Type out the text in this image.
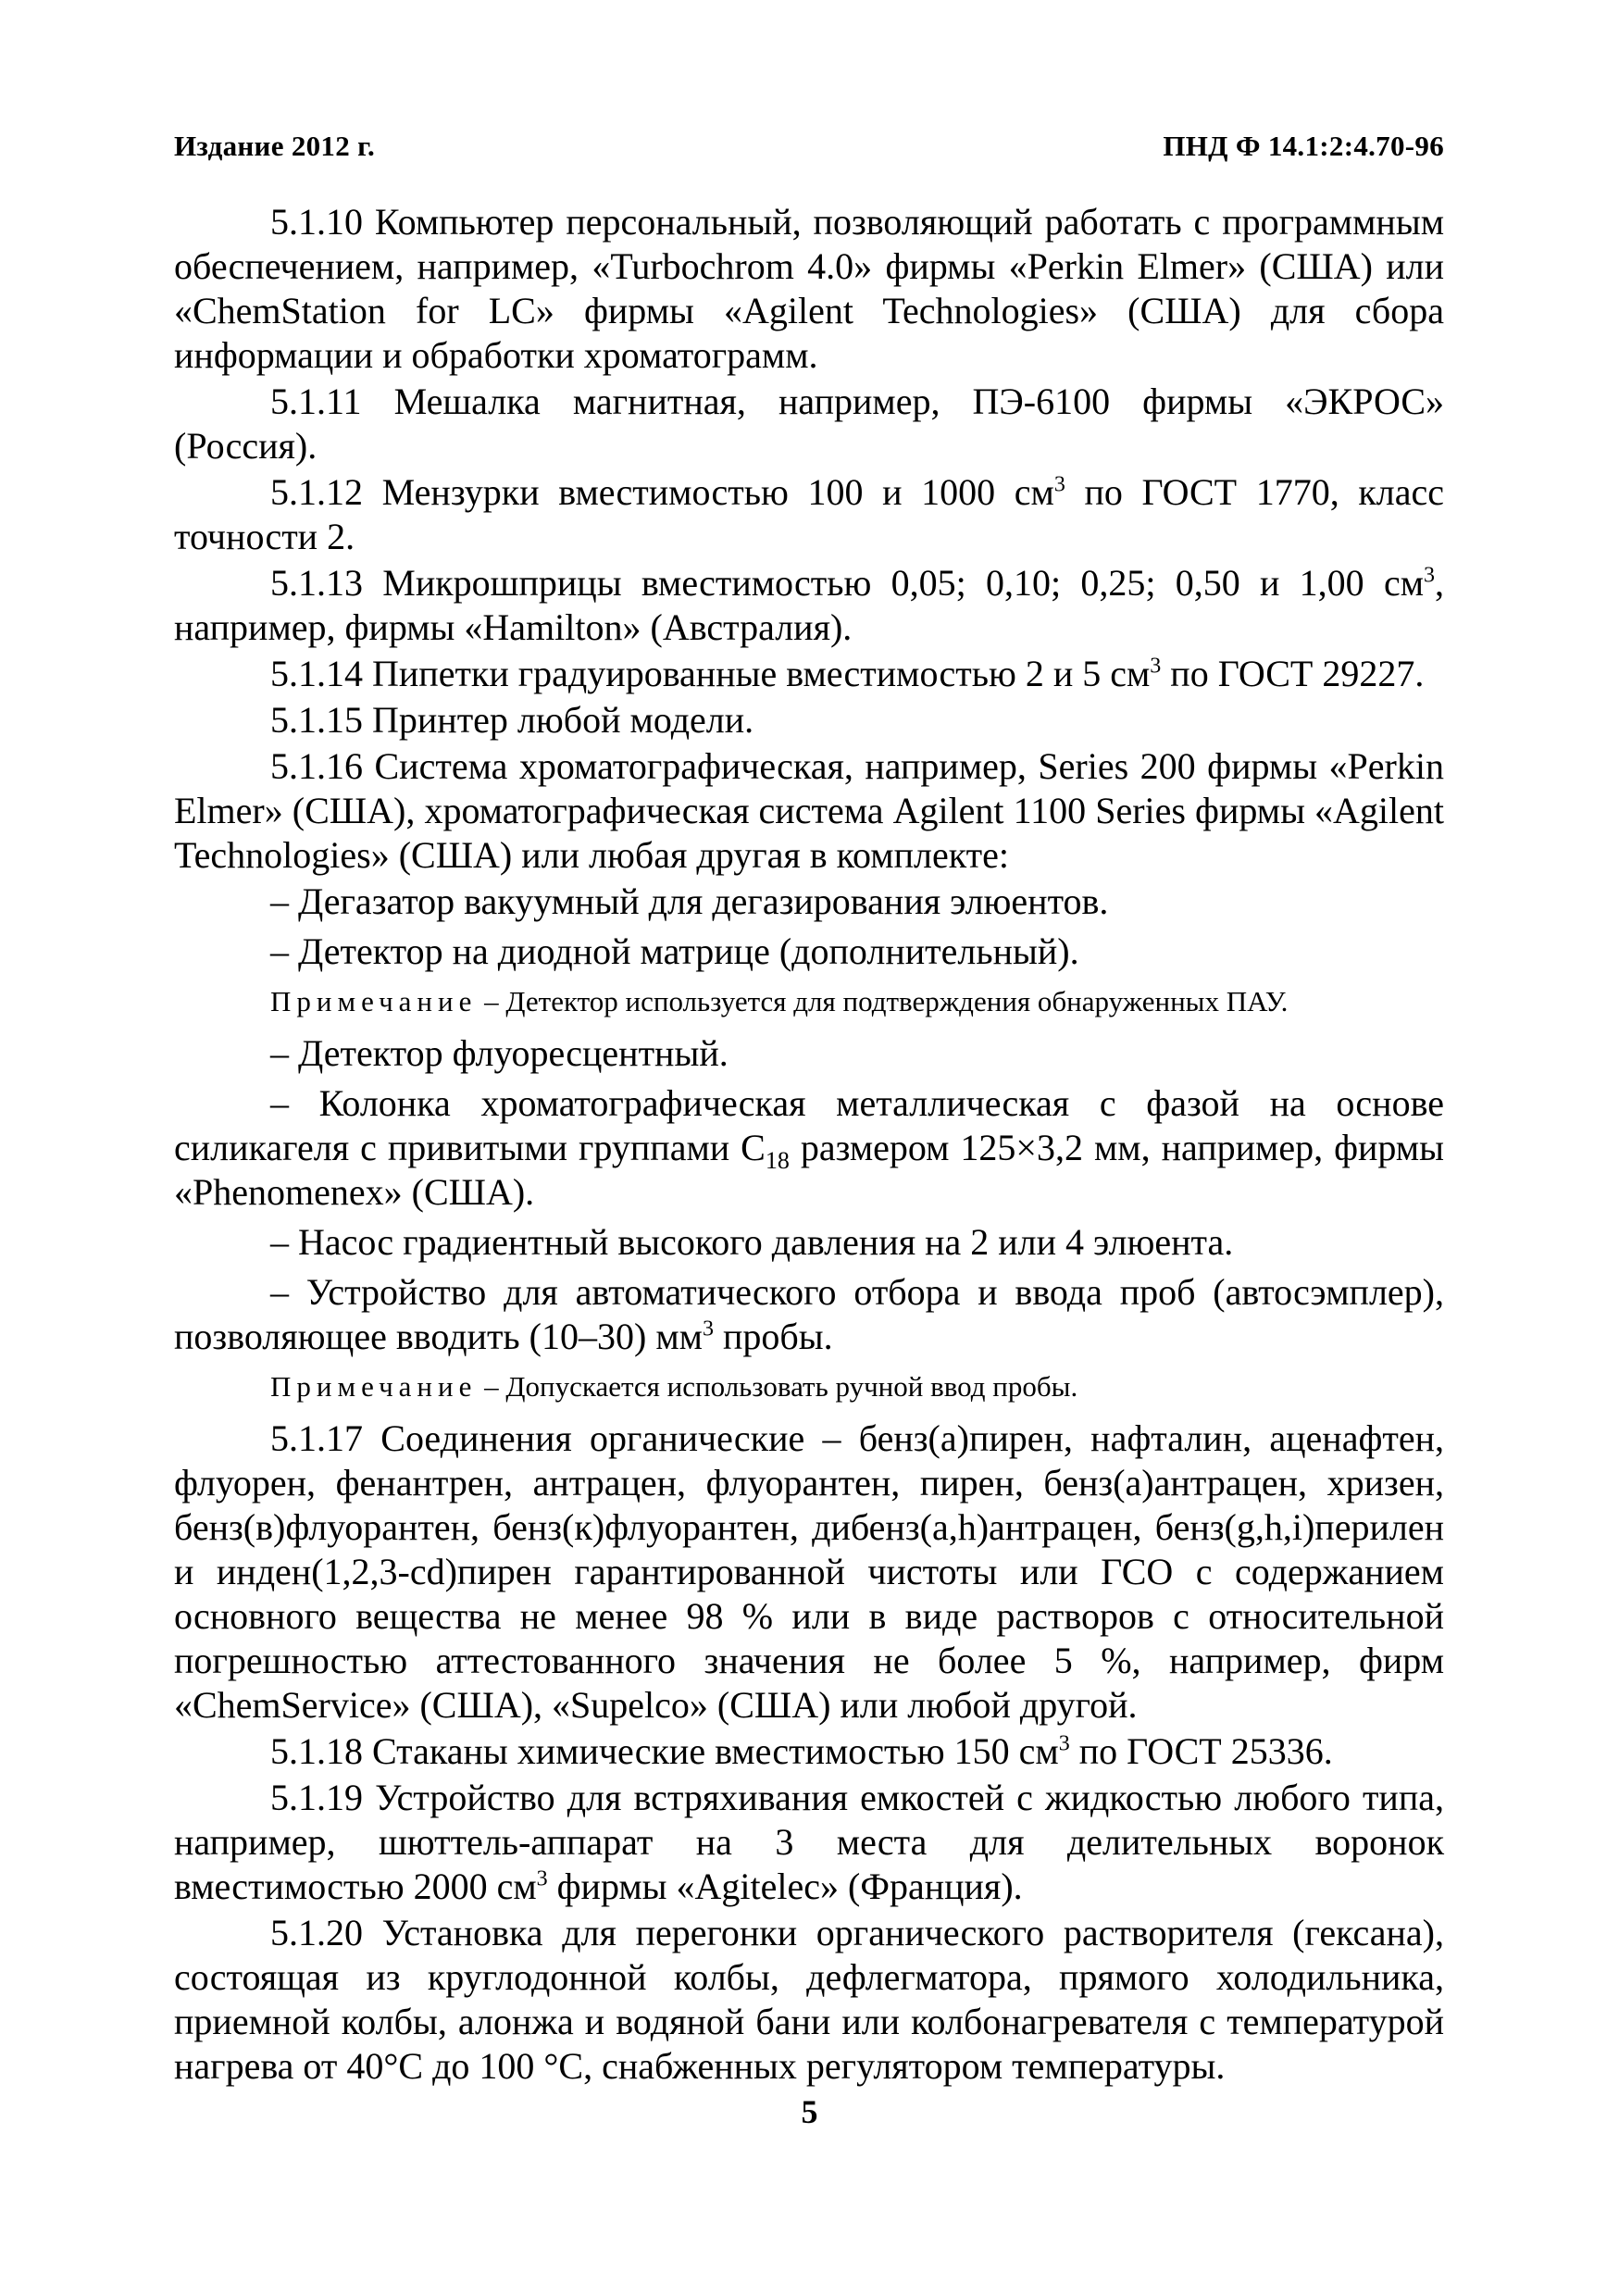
Издание 2012 г.	ПНД Ф 14.1:2:4.70-96

5.1.10 Компьютер персональный, позволяющий работать с программным обеспечением, например, «Turbochrom 4.0» фирмы «Perkin Elmer» (США) или «ChemStation for LC» фирмы «Agilent Technologies» (США) для сбора информации и обработки хроматограмм.

5.1.11 Мешалка магнитная, например, ПЭ-6100 фирмы «ЭКРОС» (Россия).

5.1.12 Мензурки вместимостью 100 и 1000 $см^3$ по ГОСТ 1770, класс точности 2.

5.1.13 Микрошприцы вместимостью 0,05; 0,10; 0,25; 0,50 и 1,00 $см^3$, например, фирмы «Hamilton» (Австралия).

5.1.14 Пипетки градуированные вместимостью 2 и 5 $см^3$ по ГОСТ 29227.

5.1.15 Принтер любой модели.

5.1.16 Система хроматографическая, например, Series 200 фирмы «Perkin Elmer» (США), хроматографическая система Agilent 1100 Series фирмы «Agilent Technologies» (США) или любая другая в комплекте:

– Дегазатор вакуумный для дегазирования элюентов.

– Детектор на диодной матрице (дополнительный).

Примечание – Детектор используется для подтверждения обнаруженных ПАУ.

– Детектор флуоресцентный.

– Колонка хроматографическая металлическая с фазой на основе силикагеля с привитыми группами $C_{18}$ размером 125×3,2 мм, например, фирмы «Phenomenex» (США).

– Насос градиентный высокого давления на 2 или 4 элюента.

– Устройство для автоматического отбора и ввода проб (автосэмплер), позволяющее вводить (10–30) $мм^3$ пробы.

Примечание – Допускается использовать ручной ввод пробы.

5.1.17 Соединения органические – бенз(а)пирен, нафталин, аценафтен, флуорен, фенантрен, антрацен, флуорантен, пирен, бенз(а)антрацен, хризен, бенз(в)флуорантен, бенз(к)флуорантен, дибенз(a,h)антрацен, бенз(g,h,i)перилен и инден(1,2,3-cd)пирен гарантированной чистоты или ГСО с содержанием основного вещества не менее 98 % или в виде растворов с относительной погрешностью аттестованного значения не более 5 %, например, фирм «ChemService» (США), «Supelco» (США) или любой другой.

5.1.18 Стаканы химические вместимостью 150 $см^3$ по ГОСТ 25336.

5.1.19 Устройство для встряхивания емкостей с жидкостью любого типа, например, шюттель-аппарат на 3 места для делительных воронок вместимостью 2000 $см^3$ фирмы «Agitelec» (Франция).

5.1.20 Установка для перегонки органического растворителя (гексана), состоящая из круглодонной колбы, дефлегматора, прямого холодильника, приемной колбы, алонжа и водяной бани или колбонагревателя с температурой нагрева от 40°С до 100 °С, снабженных регулятором температуры.

5
